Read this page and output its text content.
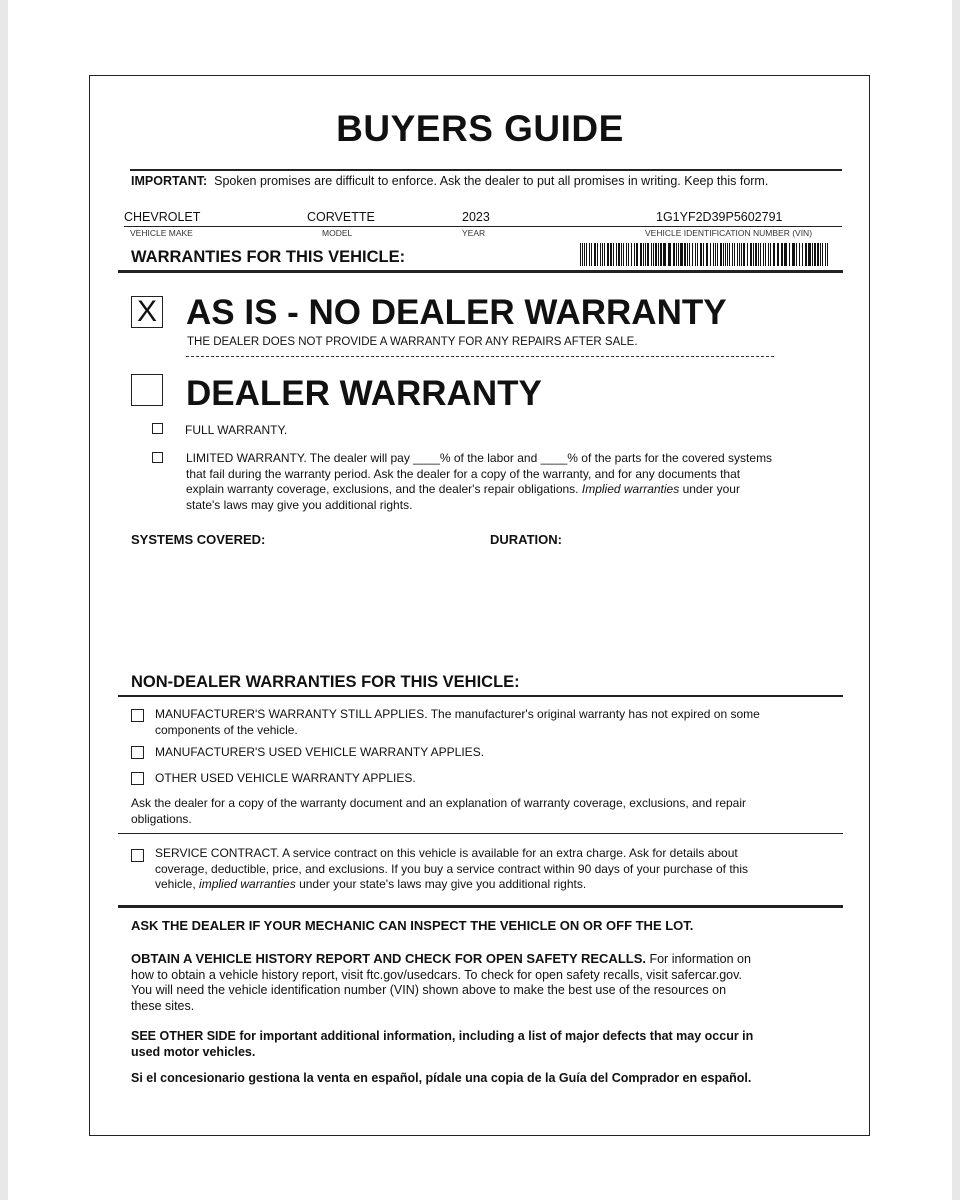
BUYERS GUIDE
IMPORTANT: Spoken promises are difficult to enforce. Ask the dealer to put all promises in writing. Keep this form.
CHEVROLET	CORVETTE	2023	1G1YF2D39P5602791
VEHICLE MAKE	MODEL	YEAR	VEHICLE IDENTIFICATION NUMBER (VIN)
WARRANTIES FOR THIS VEHICLE:
X AS IS - NO DEALER WARRANTY
THE DEALER DOES NOT PROVIDE A WARRANTY FOR ANY REPAIRS AFTER SALE.
DEALER WARRANTY
FULL WARRANTY.
LIMITED WARRANTY. The dealer will pay ____% of the labor and ____% of the parts for the covered systems
that fail during the warranty period. Ask the dealer for a copy of the warranty, and for any documents that
explain warranty coverage, exclusions, and the dealer's repair obligations. Implied warranties under your
state's laws may give you additional rights.
SYSTEMS COVERED:	DURATION:
NON-DEALER WARRANTIES FOR THIS VEHICLE:
MANUFACTURER'S WARRANTY STILL APPLIES. The manufacturer's original warranty has not expired on some
components of the vehicle.
MANUFACTURER'S USED VEHICLE WARRANTY APPLIES.
OTHER USED VEHICLE WARRANTY APPLIES.
Ask the dealer for a copy of the warranty document and an explanation of warranty coverage, exclusions, and repair
obligations.
SERVICE CONTRACT. A service contract on this vehicle is available for an extra charge. Ask for details about
coverage, deductible, price, and exclusions. If you buy a service contract within 90 days of your purchase of this
vehicle, implied warranties under your state's laws may give you additional rights.
ASK THE DEALER IF YOUR MECHANIC CAN INSPECT THE VEHICLE ON OR OFF THE LOT.
OBTAIN A VEHICLE HISTORY REPORT AND CHECK FOR OPEN SAFETY RECALLS. For information on
how to obtain a vehicle history report, visit ftc.gov/usedcars. To check for open safety recalls, visit safercar.gov.
You will need the vehicle identification number (VIN) shown above to make the best use of the resources on
these sites.
SEE OTHER SIDE for important additional information, including a list of major defects that may occur in
used motor vehicles.
Si el concesionario gestiona la venta en español, pídale una copia de la Guía del Comprador en español.
